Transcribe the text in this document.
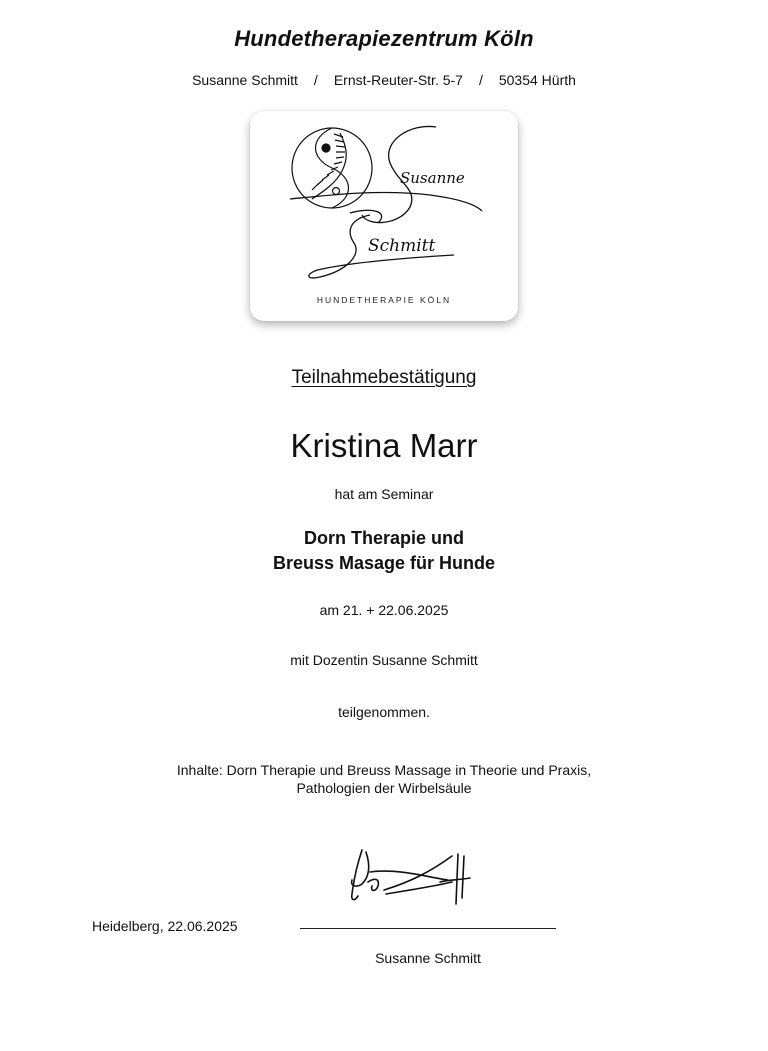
Hundetherapiezentrum Köln
Susanne Schmitt / Ernst-Reuter-Str. 5-7 / 50354 Hürth
Susanne
Schmitt
HUNDETHERAPIE KÖLN
Teilnahmebestätigung
Kristina Marr
hat am Seminar
Dorn Therapie und
Breuss Masage für Hunde
am 21. + 22.06.2025
mit Dozentin Susanne Schmitt
teilgenommen.
Inhalte: Dorn Therapie und Breuss Massage in Theorie und Praxis,
Pathologien der Wirbelsäule
Heidelberg, 22.06.2025
Susanne Schmitt
